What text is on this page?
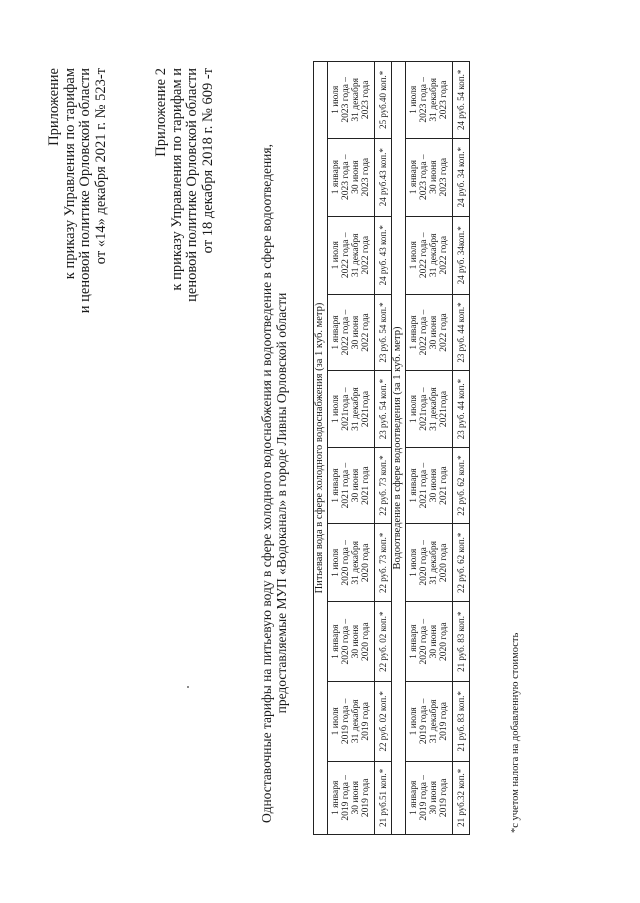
Приложение к приказу Управления по тарифам и ценовой политике Орловской области от «14» декабря 2021 г. № 523-т	Приложение 2 к приказу Управления по тарифам и ценовой политике Орловской области от 18 декабря 2018 г. № 609 -т	Одноставочные тарифы на питьевую воду в сфере холодного водоснабжения и водоотведение в сфере водоотведения, предоставляемые МУП «Водоканал» в городе Ливны Орловской области Питьевая вода в сфере холодного водоснабжения (за 1 куб. метр)									
1 января
2019 года –
30 июня
2019 года	1 июля
2019 года –
31 декабря
2019 года	1 января
2020 года –
30 июня
2020 года	1 июля
2020 года –
31 декабря
2020 года	1 января
2021 года –
30 июня
2021 года	1 июля
2021года –
31 декабря
2021года	1 января
2022 года –
30 июня
2022 года	1 июля
2022 года –
31 декабря
2022 года	1 января
2023 года –
30 июня
2023 года	1 июля
2023 года –
31 декабря
2023 года
21 руб.51 коп.*	22 руб. 02 коп.*	22 руб. 02 коп.*	22 руб. 73 коп.*	22 руб. 73 коп.*	23 руб. 54 коп.*	23 руб. 54 коп.*	24 руб. 43 коп.*	24 руб.43 коп.*	25 руб.40 коп.*
Водоотведение в сфере водоотведения (за 1 куб. метр)									
1 января
2019 года –
30 июня
2019 года	1 июля
2019 года –
31 декабря
2019 года	1 января
2020 года –
30 июня
2020 года	1 июля
2020 года –
31 декабря
2020 года	1 января
2021 года –
30 июня
2021 года	1 июля
2021года –
31 декабря
2021года	1 января
2022 года –
30 июня
2022 года	1 июля
2022 года –
31 декабря
2022 года	1 января
2023 года –
30 июня
2023 года	1 июля
2023 года –
31 декабря
2023 года
21 руб.32 коп.*	21 руб. 83 коп.*	21 руб. 83 коп.*	22 руб. 62 коп.*	22 руб. 62 коп.*	23 руб. 44 коп.*	23 руб. 44 коп.*	24 руб. 34коп.*	24 руб. 34 коп.*	24 руб. 54 коп.*
*с учетом налога на добавленную стоимость
